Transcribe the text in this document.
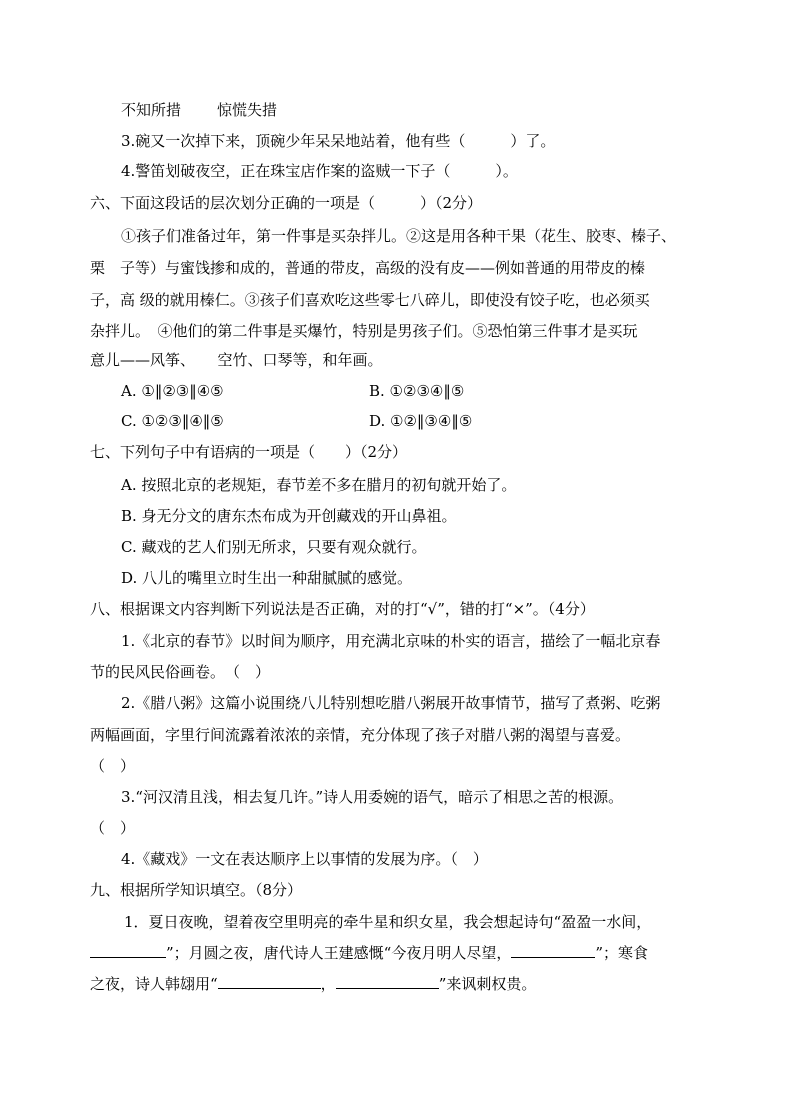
不知所措 惊慌失措
3.碗又一次掉下来，顶碗少年呆呆地站着，他有些（　　　）了。
4.警笛划破夜空，正在珠宝店作案的盗贼一下子（　　　）。
六、下面这段话的层次划分正确的一项是（　　　）（2分）
①孩子们准备过年，第一件事是买杂拌儿。②这是用各种干果（花生、胶枣、榛子、
栗　子等）与蜜饯掺和成的，普通的带皮，高级的没有皮——例如普通的用带皮的榛
子，高 级的就用榛仁。③孩子们喜欢吃这些零七八碎儿，即使没有饺子吃，也必须买
杂拌儿。　④他们的第二件事是买爆竹，特别是男孩子们。⑤恐怕第三件事才是买玩
意儿——风筝、　　空竹、口琴等，和年画。
A. ①‖②③‖④⑤	B. ①②③④‖⑤
C. ①②③‖④‖⑤	D. ①②‖③④‖⑤
七、下列句子中有语病的一项是（　　）（2分）
A. 按照北京的老规矩，春节差不多在腊月的初旬就开始了。
B. 身无分文的唐东杰布成为开创藏戏的开山鼻祖。
C. 藏戏的艺人们别无所求，只要有观众就行。
D. 八儿的嘴里立时生出一种甜腻腻的感觉。
八、根据课文内容判断下列说法是否正确，对的打“√”，错的打“×”。（4分）
1.《北京的春节》以时间为顺序，用充满北京味的朴实的语言，描绘了一幅北京春
节的民风民俗画卷。　（　）
2.《腊八粥》这篇小说围绕八儿特别想吃腊八粥展开故事情节，描写了煮粥、吃粥
两幅画面，字里行间流露着浓浓的亲情，充分体现了孩子对腊八粥的渴望与喜爱。
（　）
3.“河汉清且浅，相去复几许。”诗人用委婉的语气，暗示了相思之苦的根源。
（　）
4.《藏戏》一文在表达顺序上以事情的发展为序。（　）
九、根据所学知识填空。（8分）
1．夏日夜晚，望着夜空里明亮的牵牛星和织女星，我会想起诗句“盈盈一水间，
”；月圆之夜，唐代诗人王建感慨“今夜月明人尽望，	”；寒食
之夜，诗人韩翃用“	，	”来讽刺权贵。
